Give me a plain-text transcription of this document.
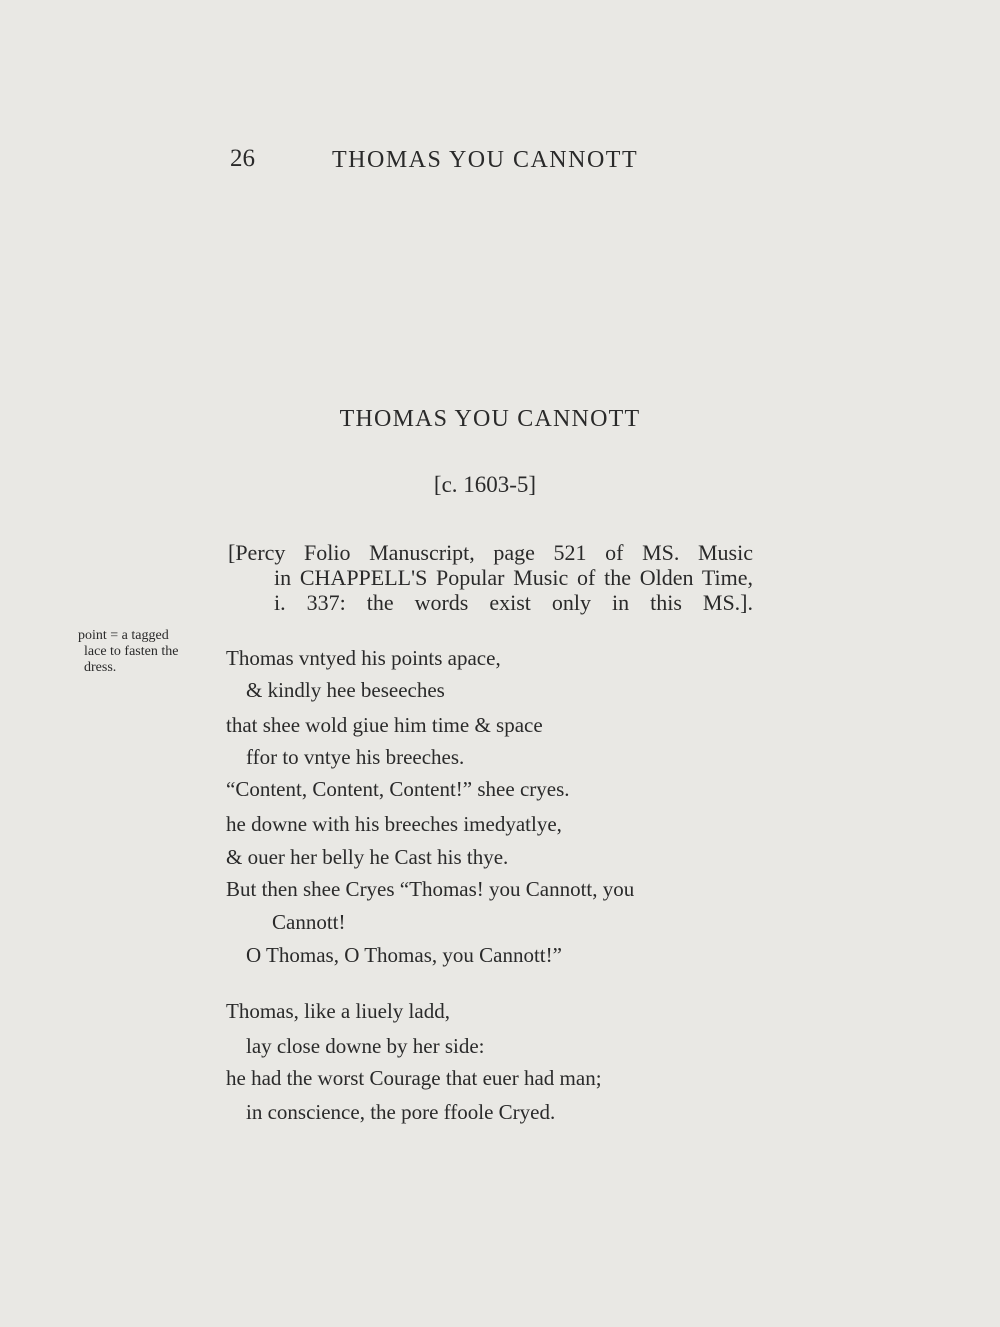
26	THOMAS YOU CANNOTT
THOMAS YOU CANNOTT
[c. 1603-5]
[Percy Folio Manuscript, page 521 of MS. Music
in CHAPPELL'S Popular Music of the Olden Time,
i. 337: the words exist only in this MS.].
point = a tagged
lace to fasten the
dress.	Thomas vntyed his points apace,
& kindly hee beseeches
that shee wold giue him time & space
ffor to vntye his breeches.
“Content, Content, Content!” shee cryes.
he downe with his breeches imedyatlye,
& ouer her belly he Cast his thye.
But then shee Cryes “Thomas! you Cannott, you
Cannott!
O Thomas, O Thomas, you Cannott!”
Thomas, like a liuely ladd,
lay close downe by her side:
he had the worst Courage that euer had man;
in conscience, the pore ffoole Cryed.
